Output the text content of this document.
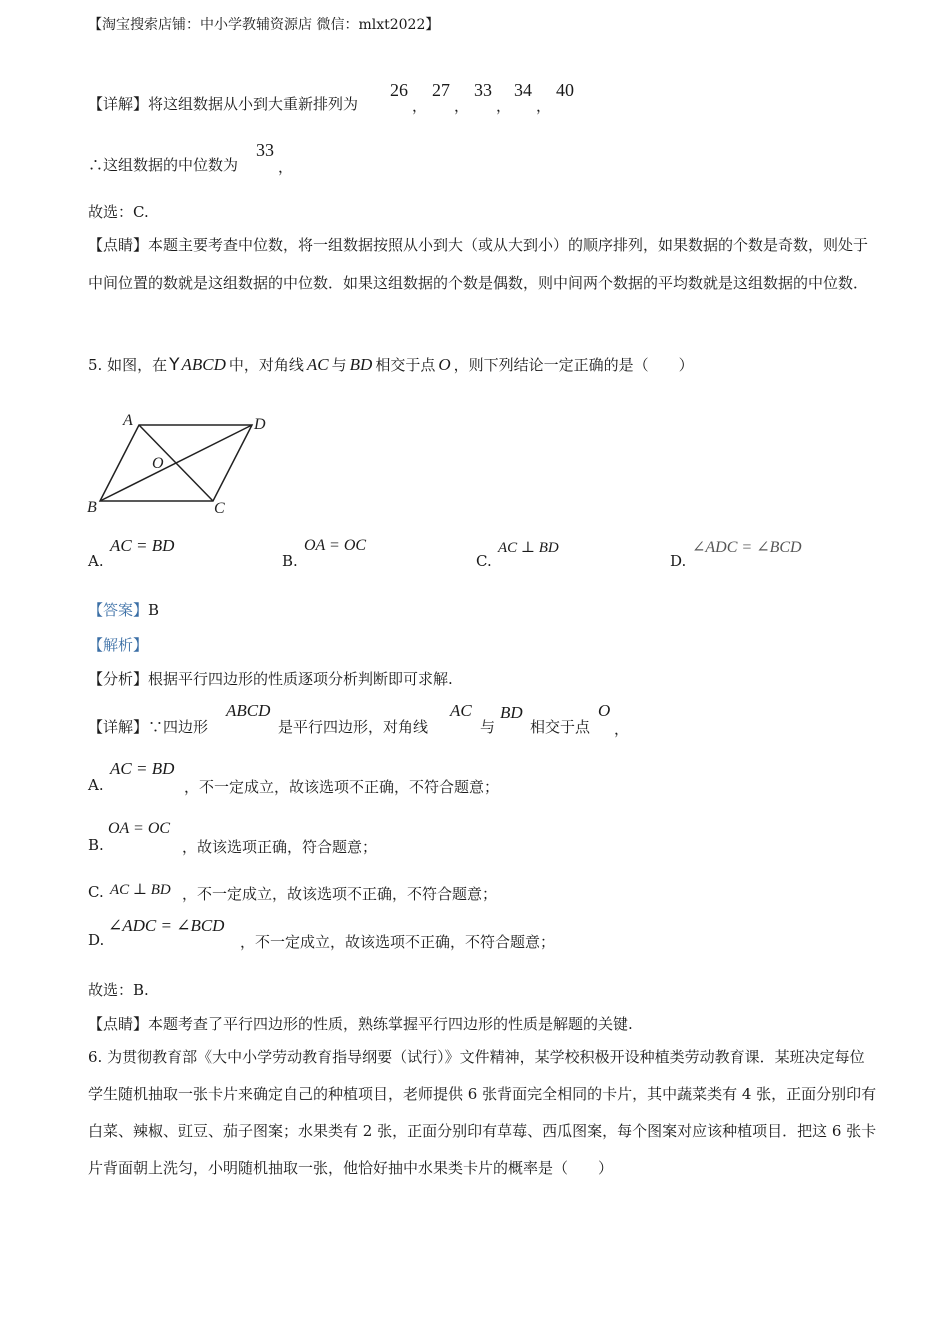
【淘宝搜索店铺：中小学教辅资源店 微信：mlxt2022】
【详解】将这组数据从小到大重新排列为
26
，
27
，
33
，
34
，
40
∴这组数据的中位数为
33
，
故选：C.
【点睛】本题主要考查中位数，将一组数据按照从小到大（或从大到小）的顺序排列，如果数据的个数是奇数，则处于中间位置的数就是这组数据的中位数．如果这组数据的个数是偶数，则中间两个数据的平均数就是这组数据的中位数．
5. 如图，在 Y ABCD 中，对角线 AC 与 BD 相交于点 O ，则下列结论一定正确的是（　　）
A	D
B	C
O
A.
AC = BD
B.
OA = OC
C.
AC ⊥ BD
D.
∠ADC = ∠BCD
【答案】B
【解析】
【分析】根据平行四边形的性质逐项分析判断即可求解.
【详解】∵四边形
ABCD
是平行四边形，对角线
AC
与
BD
相交于点
O
，
A.
AC = BD
，不一定成立，故该选项不正确，不符合题意；
B.
OA = OC
，故该选项正确，符合题意；
C. AC ⊥ BD ，不一定成立，故该选项不正确，不符合题意；
D.
∠ADC = ∠BCD
，不一定成立，故该选项不正确，不符合题意；
故选：B.
【点睛】本题考查了平行四边形的性质，熟练掌握平行四边形的性质是解题的关键.
6. 为贯彻教育部《大中小学劳动教育指导纲要（试行）》文件精神，某学校积极开设种植类劳动教育课．某班决定每位学生随机抽取一张卡片来确定自己的种植项目，老师提供 6 张背面完全相同的卡片，其中蔬菜类有 4 张，正面分别印有白菜、辣椒、豇豆、茄子图案；水果类有 2 张，正面分别印有草莓、西瓜图案，每个图案对应该种植项目．把这 6 张卡片背面朝上洗匀，小明随机抽取一张，他恰好抽中水果类卡片的概率是（　　）
